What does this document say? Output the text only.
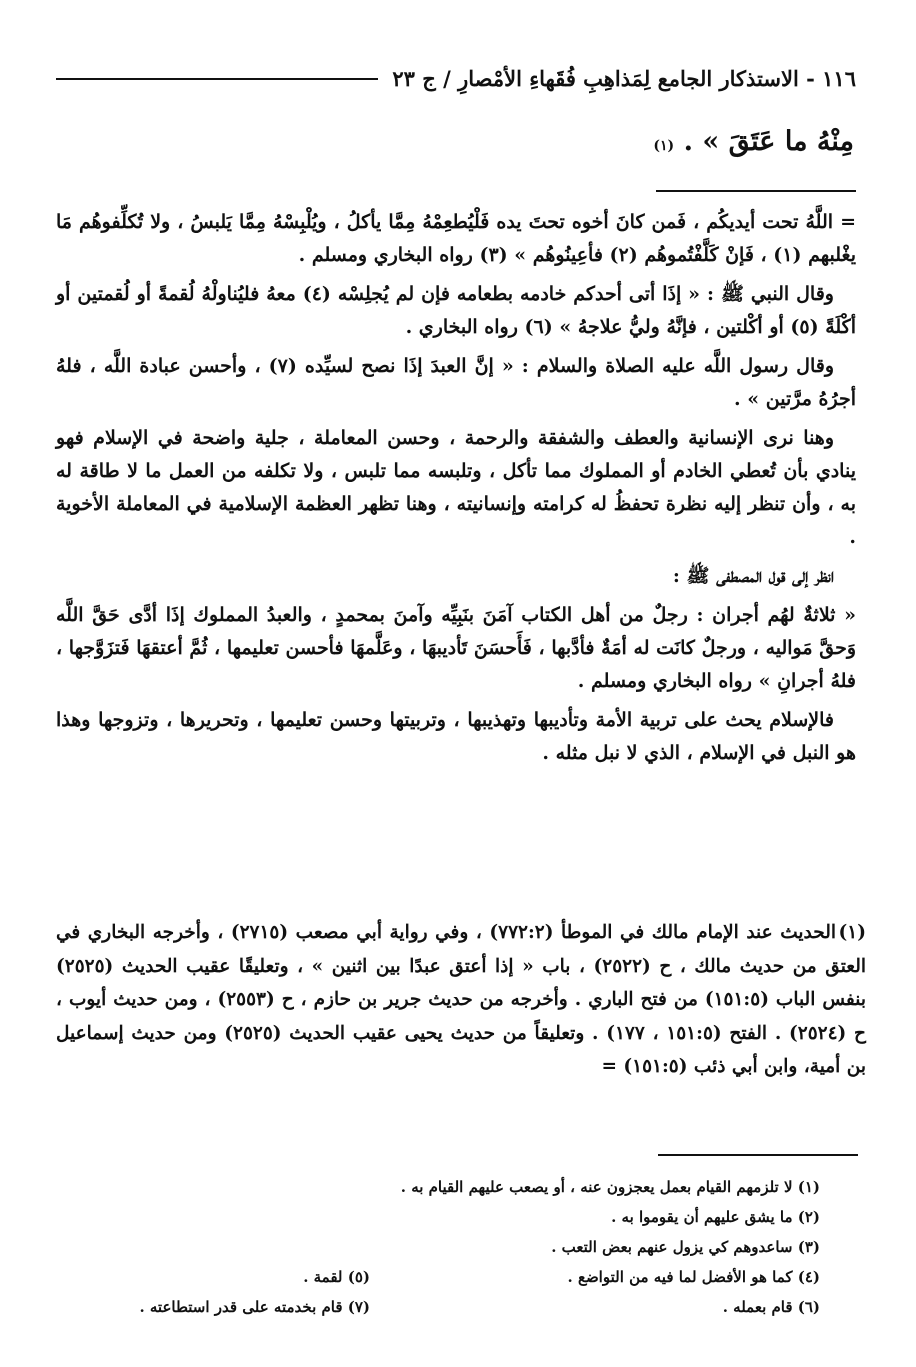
١١٦ - الاستذكار الجامع لِمَذاهِبِ فُقَهاءِ الأمْصارِ / ج ٢٣
مِنْهُ ما عَتَقَ » . (١)

= اللَّهُ تحت أيديكُم ، فَمن كانَ أخوه تحتَ يده فَلْيُطعِمْهُ مِمَّا يأكلُ ، ويُلْبِسْهُ مِمَّا يَلبسُ ، ولا تُكلِّفوهُم مَا يغْلبهم (١) ، فَإنْ كَلَّفْتُموهُم (٢) فأعِينُوهُم » (٣) رواه البخاري ومسلم .

وقال النبي ﷺ : « إذَا أتى أحدكم خادمه بطعامه فإن لم يُجلِسْه (٤) معهُ فليُناولْهُ لُقمةً أو لُقمتين أو أكْلَةً (٥) أو أكْلتين ، فإنَّهُ وليُّ علاجهُ » (٦) رواه البخاري .

وقال رسول اللَّه عليه الصلاة والسلام : « إنَّ العبدَ إذَا نصح لسيِّده (٧) ، وأحسن عبادة اللَّه ، فلهُ أجرُهُ مرَّتين » .

وهنا نرى الإنسانية والعطف والشفقة والرحمة ، وحسن المعاملة ، جلية واضحة في الإسلام فهو ينادي بأن تُعطي الخادم أو المملوك مما تأكل ، وتلبسه مما تلبس ، ولا تكلفه من العمل ما لا طاقة له به ، وأن تنظر إليه نظرة تحفظُ له كرامته وإنسانيته ، وهنا تظهر العظمة الإسلامية في المعاملة الأخوية .

انظر إلى قول المصطفى ﷺ :

« ثلاثةٌ لهُم أجران : رجلٌ من أهل الكتاب آمَنَ بنَبِيِّه وآمنَ بمحمدٍ ، والعبدُ المملوك إذَا أدَّى حَقَّ اللَّه وَحقَّ مَواليه ، ورجلٌ كانَت له أمَةٌ فأدَّبها ، فَأَحسَنَ تَأديبهَا ، وعَلَّمهَا فأحسن تعليمها ، ثُمَّ أعتقهَا فَتزَوَّجها ، فلهُ أجرانِ » رواه البخاري ومسلم .

فالإسلام يحث على تربية الأمة وتأديبها وتهذيبها ، وتربيتها وحسن تعليمها ، وتحريرها ، وتزوجها وهذا هو النبل في الإسلام ، الذي لا نبل مثله .

(١)الحديث عند الإمام مالك في الموطأ (٧٧٢:٢) ، وفي رواية أبي مصعب (٢٧١٥) ، وأخرجه البخاري في العتق من حديث مالك ، ح (٢٥٢٢) ، باب « إذا أعتق عبدًا بين اثنين » ، وتعليقًا عقيب الحديث (٢٥٢٥) بنفس الباب (١٥١:٥) من فتح الباري . وأخرجه من حديث جرير بن حازم ، ح (٢٥٥٣) ، ومن حديث أيوب ، ح (٢٥٢٤) . الفتح (١٥١:٥ ، ١٧٧) . وتعليقاً من حديث يحيى عقيب الحديث (٢٥٢٥) ومن حديث إسماعيل بن أمية، وابن أبي ذئب (١٥١:٥) =
(١) لا تلزمهم القيام بعمل يعجزون عنه ، أو يصعب عليهم القيام به .
(٢) ما يشق عليهم أن يقوموا به .
(٣) ساعدوهم كي يزول عنهم بعض التعب .
(٤) كما هو الأفضل لما فيه من التواضع .
(٥) لقمة .
(٦) قام بعمله .
(٧) قام بخدمته على قدر استطاعته .
